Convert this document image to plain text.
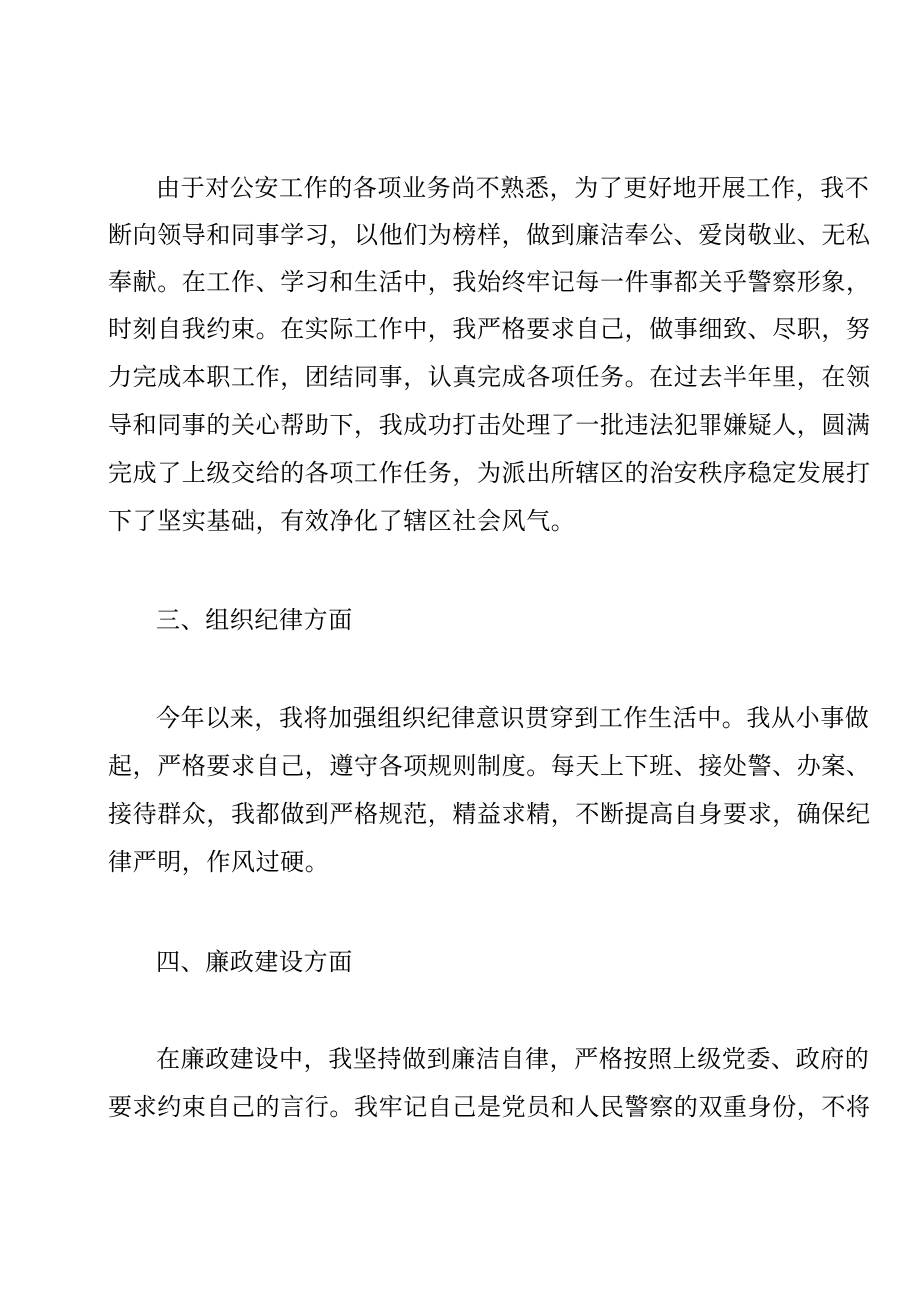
由于对公安工作的各项业务尚不熟悉，为了更好地开展工作，我不
断向领导和同事学习，以他们为榜样，做到廉洁奉公、爱岗敬业、无私
奉献。在工作、学习和生活中，我始终牢记每一件事都关乎警察形象，
时刻自我约束。在实际工作中，我严格要求自己，做事细致、尽职，努
力完成本职工作，团结同事，认真完成各项任务。在过去半年里，在领
导和同事的关心帮助下，我成功打击处理了一批违法犯罪嫌疑人，圆满
完成了上级交给的各项工作任务，为派出所辖区的治安秩序稳定发展打
下了坚实基础，有效净化了辖区社会风气。
三、组织纪律方面
今年以来，我将加强组织纪律意识贯穿到工作生活中。我从小事做
起，严格要求自己，遵守各项规则制度。每天上下班、接处警、办案、
接待群众，我都做到严格规范，精益求精，不断提高自身要求，确保纪
律严明，作风过硬。
四、廉政建设方面
在廉政建设中，我坚持做到廉洁自律，严格按照上级党委、政府的
要求约束自己的言行。我牢记自己是党员和人民警察的双重身份，不将
